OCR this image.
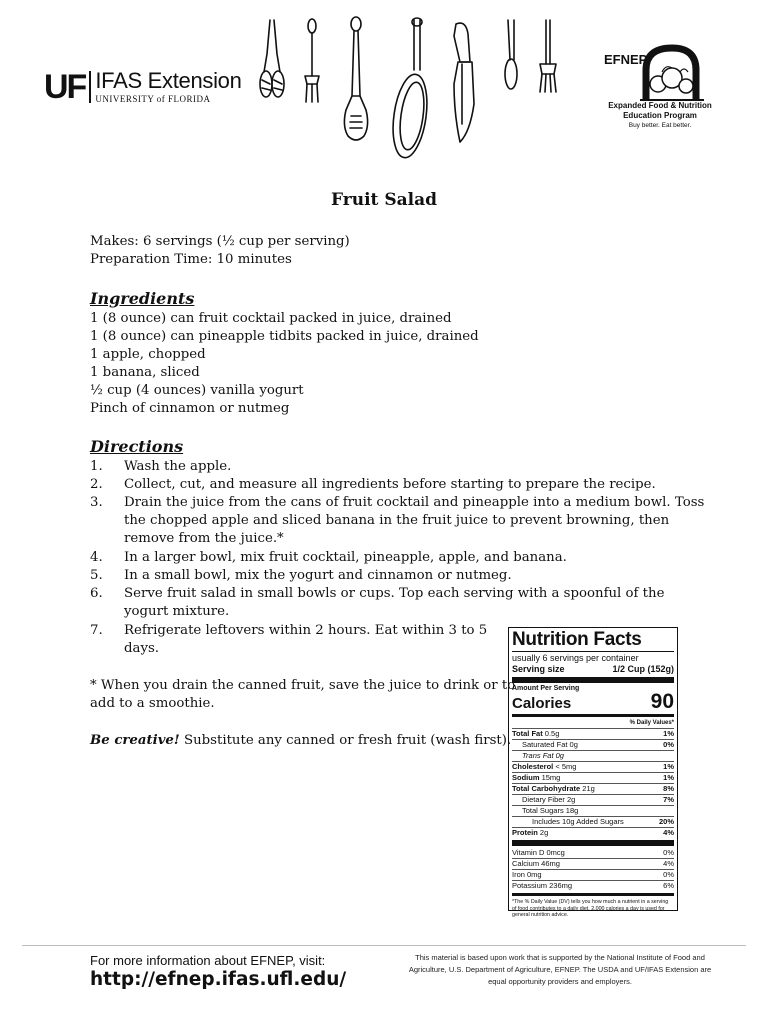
UF IFAS Extension
UNIVERSITY of FLORIDA
EFNEP
Expanded Food & Nutrition
Education Program
Buy better. Eat better.
Fruit Salad
Makes: 6 servings (½ cup per serving)
Preparation Time: 10 minutes
Ingredients
1 (8 ounce) can fruit cocktail packed in juice, drained
1 (8 ounce) can pineapple tidbits packed in juice, drained
1 apple, chopped
1 banana, sliced
½ cup (4 ounces) vanilla yogurt
Pinch of cinnamon or nutmeg
Directions
1. Wash the apple.
2. Collect, cut, and measure all ingredients before starting to prepare the recipe.
3. Drain the juice from the cans of fruit cocktail and pineapple into a medium bowl. Toss
the chopped apple and sliced banana in the fruit juice to prevent browning, then
remove from the juice.*
4. In a larger bowl, mix fruit cocktail, pineapple, apple, and banana.
5. In a small bowl, mix the yogurt and cinnamon or nutmeg.
6. Serve fruit salad in small bowls or cups. Top each serving with a spoonful of the
yogurt mixture.
7. Refrigerate leftovers within 2 hours. Eat within 3 to 5
days.
* When you drain the canned fruit, save the juice to drink or to
add to a smoothie.
Be creative! Substitute any canned or fresh fruit (wash first).
Nutrition Facts
usually 6 servings per container
Serving size	1/2 Cup (152g)
Amount Per Serving
Calories	90
% Daily Values*
Total Fat 0.5g	1%
Saturated Fat 0g	0%
Trans Fat 0g
Cholesterol < 5mg	1%
Sodium 15mg	1%
Total Carbohydrate 21g	8%
Dietary Fiber 2g	7%
Total Sugars 18g
Includes 10g Added Sugars	20%
Protein 2g	4%
Vitamin D 0mcg	0%
Calcium 46mg	4%
Iron 0mg	0%
Potassium 236mg	6%
*The % Daily Value (DV) tells you how much a nutrient in a serving of food contributes to a daily diet. 2,000 calories a day is used for general nutrition advice.
For more information about EFNEP, visit:
http://efnep.ifas.ufl.edu/
This material is based upon work that is supported by the National Institute of Food and Agriculture, U.S. Department of Agriculture, EFNEP. The USDA and UF/IFAS Extension are equal opportunity providers and employers.
